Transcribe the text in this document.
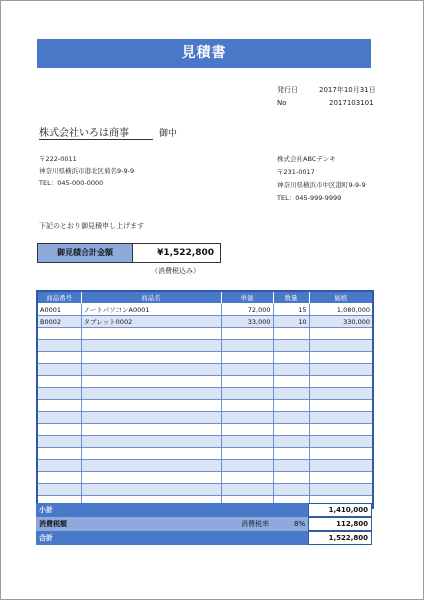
見積書
発行日	2017年10月31日
No	2017103101
株式会社いろは商事	御中
〒222-0011
神奈川県横浜市港北区菊名9-9-9
TEL：045-000-0000
株式会社ABCデンキ
〒231-0017
神奈川県横浜市中区港町9-9-9
TEL：045-999-9999
下記のとおり御見積申し上げます
御見積合計金額	¥1,522,800
（消費税込み）
商品番号	商品名	単価	数量	価格
A0001	ノートパソコンA0001	72,000	15	1,080,000
B0002	タブレット0002	33,000	10	330,000

小計	1,410,000
消費税額	消費税率	8%	112,800
合計	1,522,800
